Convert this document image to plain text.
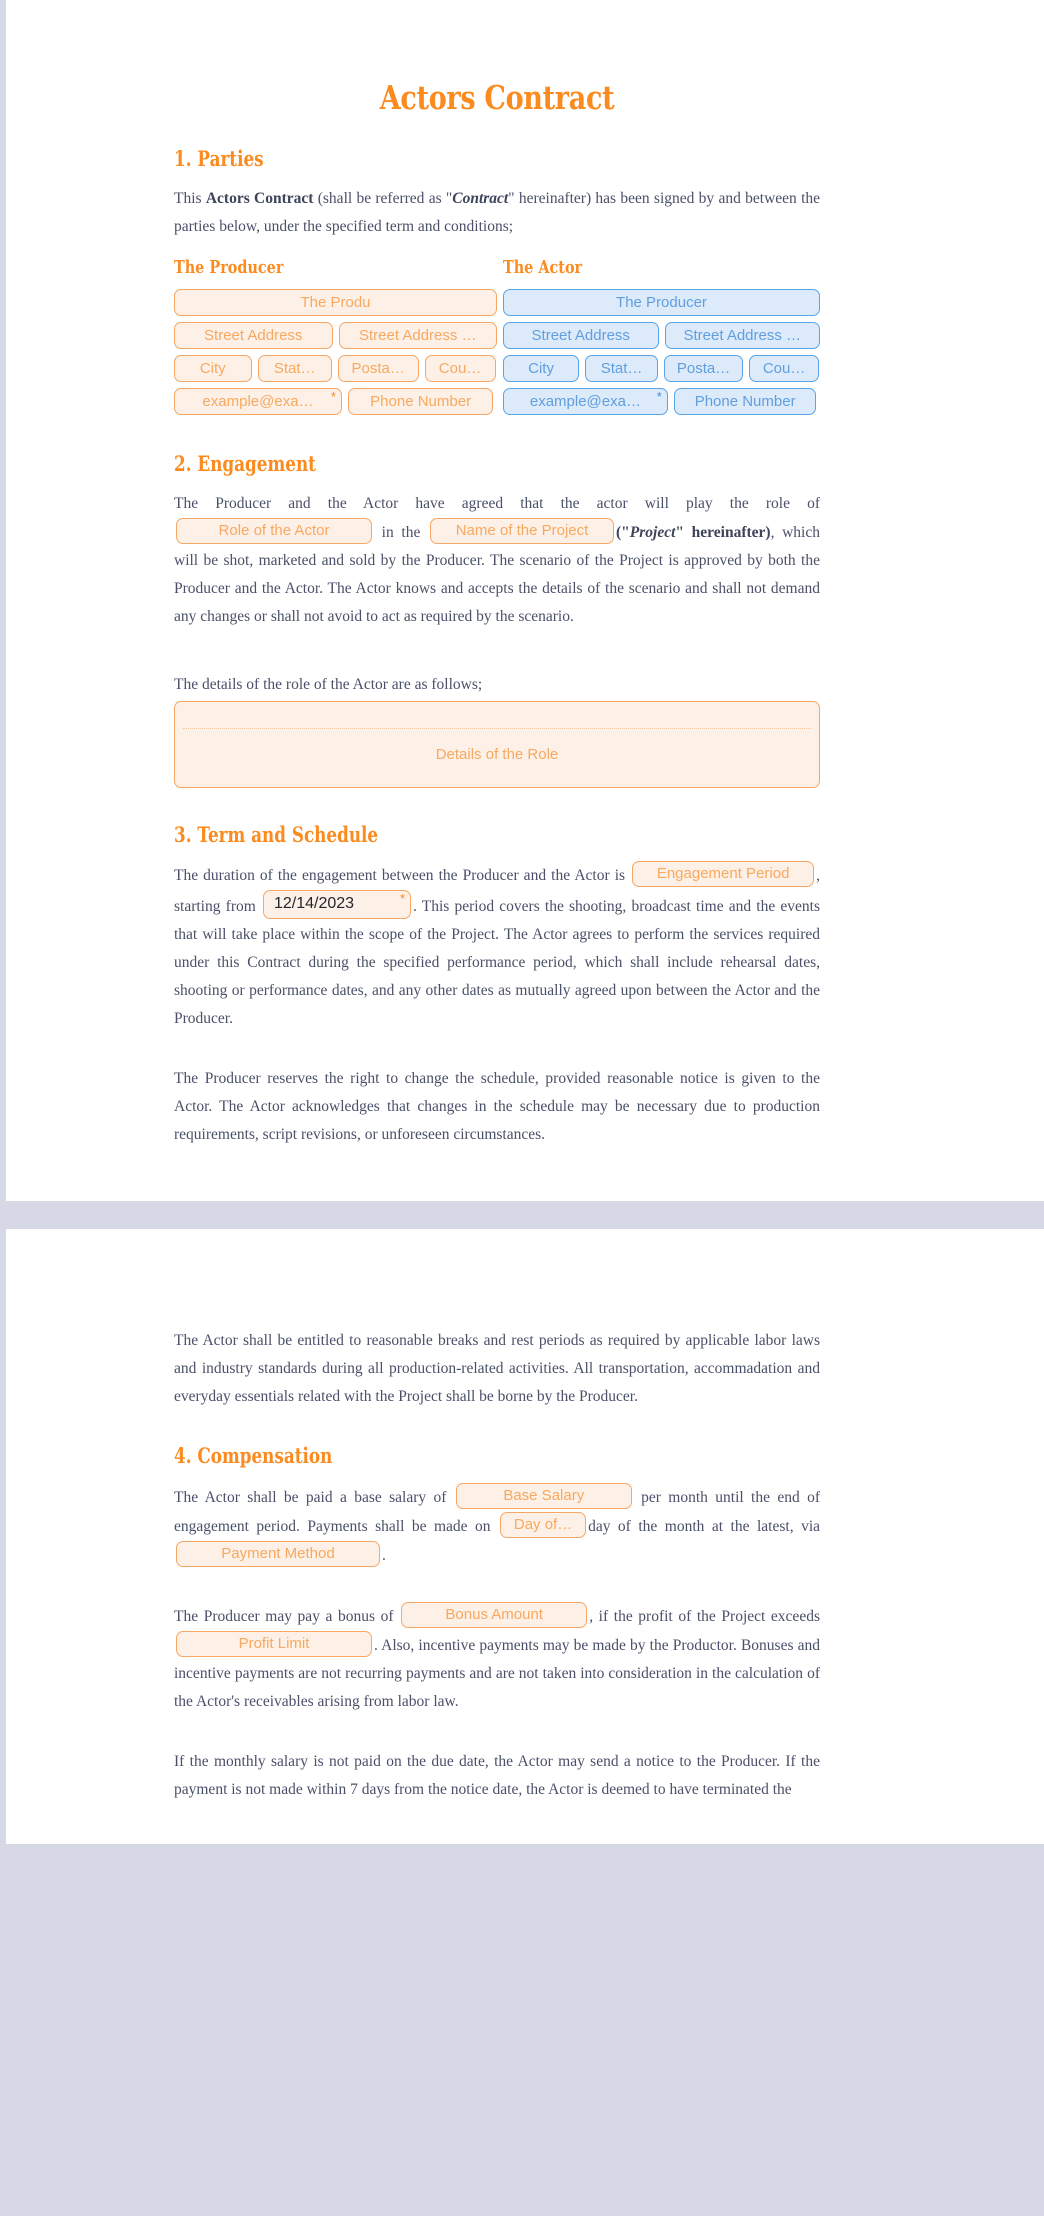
Actors Contract
1. Parties

This Actors Contract (shall be referred as "Contract" hereinafter) has been signed by and between the parties below, under the specified term and conditions;

The Producer
The Produ
Street Address	Street Address …
City	Stat…	Posta…	Cou…
example@exa…	*	Phone Number
The Actor
The Producer
Street Address	Street Address …
City	Stat…	Posta…	Cou…
example@exa…	*	Phone Number
2. Engagement

The Producer and the Actor have agreed that the actor will play the role of
Role of the Actor	in the	Name of the Project	("Project" hereinafter), which will be shot, marketed and sold by the Producer. The scenario of the Project is approved by both the Producer and the Actor. The Actor knows and accepts the details of the scenario and shall not demand any changes or shall not avoid to act as required by the scenario.

The details of the role of the Actor are as follows;

Details of the Role
3. Term and Schedule

The duration of the engagement between the Producer and the Actor is	Engagement Period	, starting from	12/14/2023	* . This period covers the shooting, broadcast time and the events that will take place within the scope of the Project. The Actor agrees to perform the services required under this Contract during the specified performance period, which shall include rehearsal dates, shooting or performance dates, and any other dates as mutually agreed upon between the Actor and the Producer.

The Producer reserves the right to change the schedule, provided reasonable notice is given to the Actor. The Actor acknowledges that changes in the schedule may be necessary due to production requirements, script revisions, or unforeseen circumstances.

The Actor shall be entitled to reasonable breaks and rest periods as required by applicable labor laws and industry standards during all production-related activities. All transportation, accommadation and everyday essentials related with the Project shall be borne by the Producer.

4. Compensation

The Actor shall be paid a base salary of	Base Salary	per month until the end of engagement period. Payments shall be made on	Day of…	day of the month at the latest, via
Payment Method	.

The Producer may pay a bonus of	Bonus Amount	, if the profit of the Project exceeds
Profit Limit	. Also, incentive payments may be made by the Productor. Bonuses and incentive payments are not recurring payments and are not taken into consideration in the calculation of the Actor's receivables arising from labor law.

If the monthly salary is not paid on the due date, the Actor may send a notice to the Producer. If the payment is not made within 7 days from the notice date, the Actor is deemed to have terminated the
